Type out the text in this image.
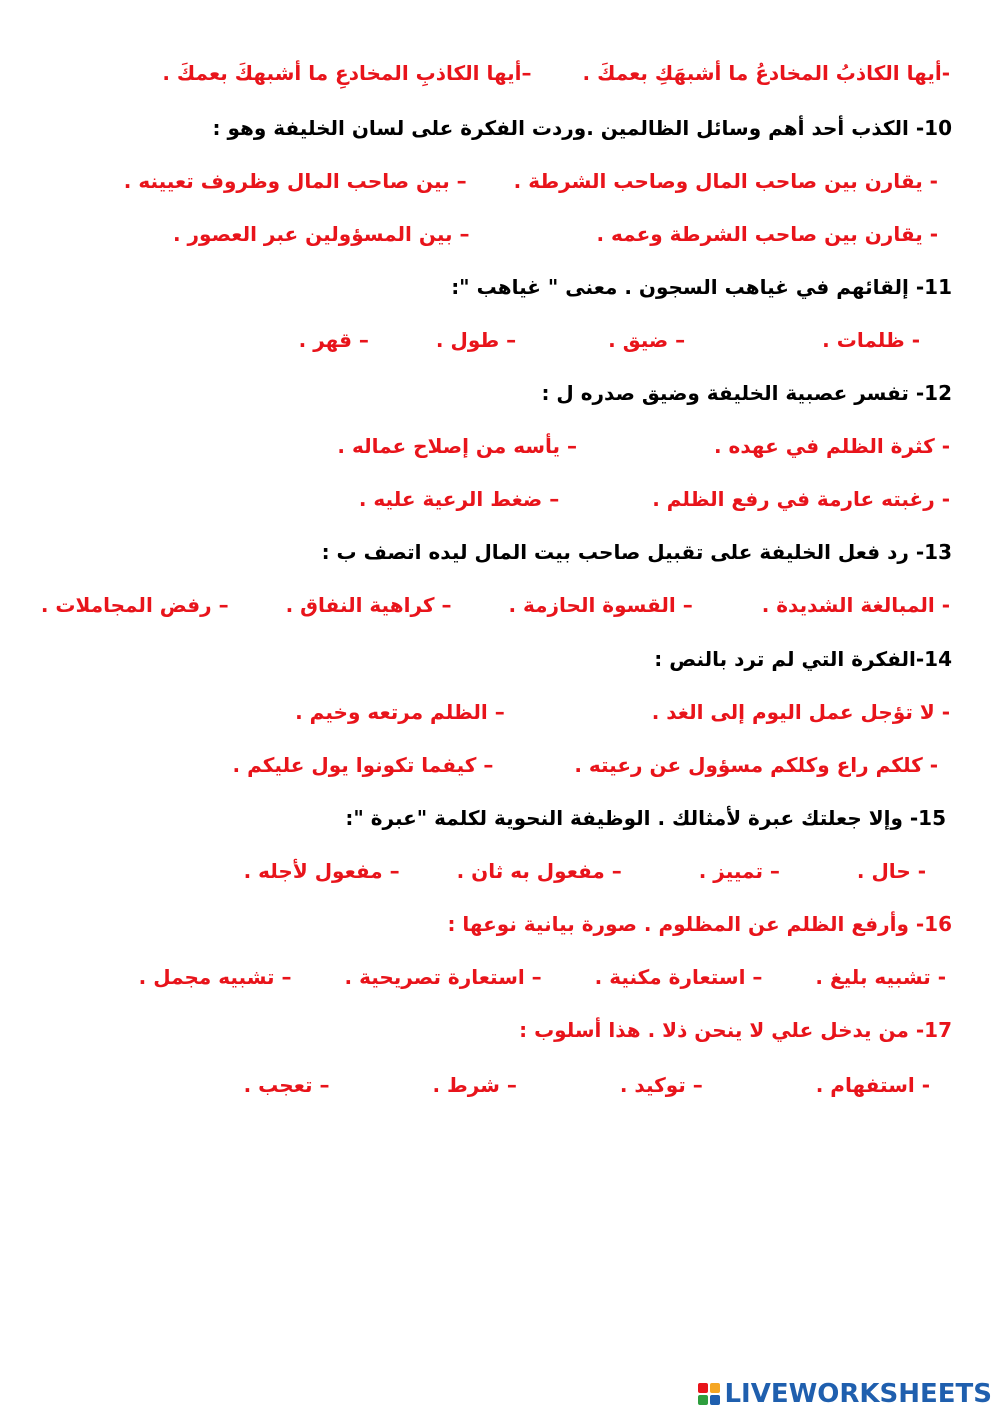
-أيها الكاذبُ المخادعُ ما أشبهَكِ بعمكَ . –أيها الكاذبِ المخادعِ ما أشبهكَ بعمكَ .
10- الكذب أحد أهم وسائل الظالمين .وردت الفكرة على لسان الخليفة وهو :
- يقارن بين صاحب المال وصاحب الشرطة . – بين صاحب المال وظروف تعيينه .
- يقارن بين صاحب الشرطة وعمه . – بين المسؤولين عبر العصور .
11- إلقائهم في غياهب السجون . معنى " غياهب ":
- ظلمات . – ضيق . – طول . – قهر .
12- تفسر عصبية الخليفة وضيق صدره ل :
- كثرة الظلم في عهده . – يأسه من إصلاح عماله .
- رغبته عارمة في رفع الظلم . – ضغط الرعية عليه .
13- رد فعل الخليفة على تقبيل صاحب بيت المال ليده اتصف ب :
- المبالغة الشديدة . – القسوة الحازمة . – كراهية النفاق . – رفض المجاملات .
14-الفكرة التي لم ترد بالنص :
- لا تؤجل عمل اليوم إلى الغد . – الظلم مرتعه وخيم .
- كلكم راع وكلكم مسؤول عن رعيته . – كيفما تكونوا يول عليكم .
15- وإلا جعلتك عبرة لأمثالك . الوظيفة النحوية لكلمة "عبرة ":
- حال . – تمييز . – مفعول به ثان . – مفعول لأجله .
16- وأرفع الظلم عن المظلوم . صورة بيانية نوعها :
- تشبيه بليغ . – استعارة مكنية . – استعارة تصريحية . – تشبيه مجمل .
17- من يدخل علي لا ينحن ذلا . هذا أسلوب :
- استفهام . – توكيد . – شرط . – تعجب .
LIVEWORKSHEETS
